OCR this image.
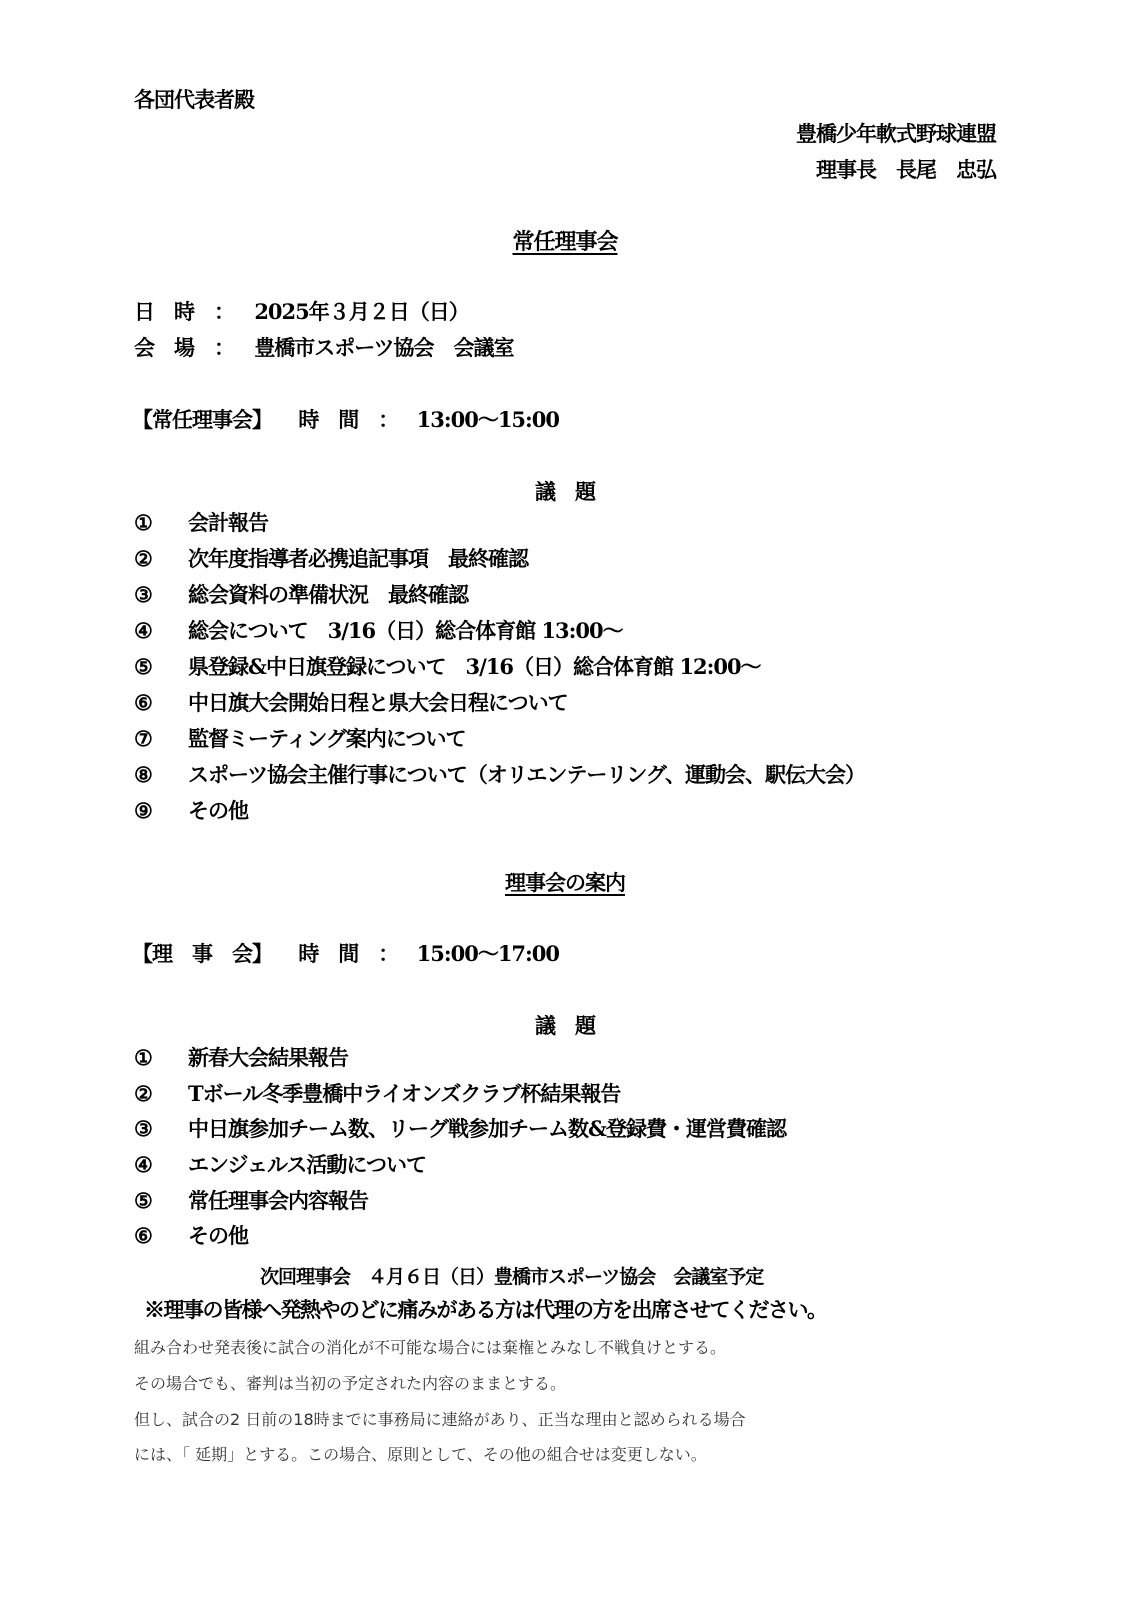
各団代表者殿
豊橋少年軟式野球連盟
理事長　長尾　忠弘
常任理事会
日　時　： 2025年３月２日（日）
会　場　： 豊橋市スポーツ協会　会議室
【常任理事会】 時　間　： 13:00～15:00
議　題
① 会計報告
② 次年度指導者必携追記事項　最終確認
③ 総会資料の準備状況　最終確認
④ 総会について　3/16（日）総合体育館 13:00～
⑤ 県登録&中日旗登録について　3/16（日）総合体育館 12:00～
⑥ 中日旗大会開始日程と県大会日程について
⑦ 監督ミーティング案内について
⑧ スポーツ協会主催行事について（オリエンテーリング、運動会、駅伝大会）
⑨ その他
理事会の案内
【理　事　会】 時　間　： 15:00～17:00
議　題
① 新春大会結果報告
② Tボール冬季豊橋中ライオンズクラブ杯結果報告
③ 中日旗参加チーム数、リーグ戦参加チーム数&登録費・運営費確認
④ エンジェルス活動について
⑤ 常任理事会内容報告
⑥ その他
次回理事会　４月６日（日）豊橋市スポーツ協会　会議室予定
※理事の皆様へ発熱やのどに痛みがある方は代理の方を出席させてください。
組み合わせ発表後に試合の消化が不可能な場合には棄権とみなし不戦負けとする。
その場合でも、審判は当初の予定された内容のままとする。
但し、試合の2 日前の18時までに事務局に連絡があり、正当な理由と認められる場合
には、「 延期」とする。この場合、原則として、その他の組合せは変更しない。
